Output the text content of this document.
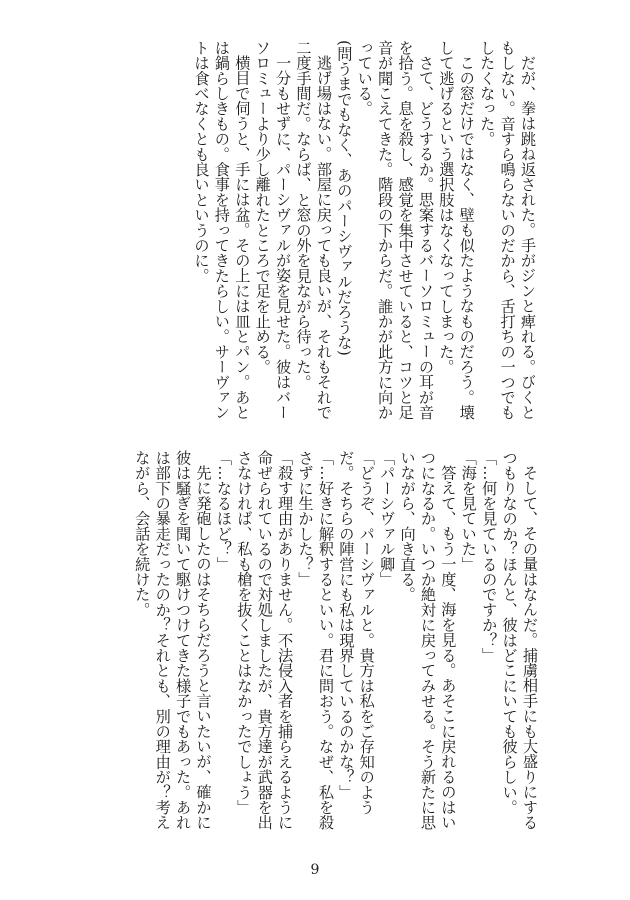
だが、拳は跳ね返された。手がジンと痺れる。びくともしない。音すら鳴らないのだから、舌打ちの一つでもしたくなった。

この窓だけではなく、壁も似たようなものだろう。壊して逃げるという選択肢はなくなってしまった。

さて、どうするか。思案するバーソロミューの耳が音を拾う。息を殺し、感覚を集中させていると、コツと足音が聞こえてきた。階段の下からだ。誰かが此方に向かっている。

(問うまでもなく、あのパーシヴァルだろうな)

逃げ場はない。部屋に戻っても良いが、それもそれで二度手間だ。ならば、と窓の外を見ながら待った。

一分もせずに、パーシヴァルが姿を見せた。彼はバーソロミューより少し離れたところで足を止める。

横目で伺うと、手には盆。その上には皿とパン。あとは鍋らしきもの。食事を持ってきたらしい。サーヴァントは食べなくとも良いというのに。

そして、その量はなんだ。捕虜相手にも大盛りにするつもりなのか？ほんと、彼はどこにいても彼らしい。

「…何を見ているのですか？」

「海を見ていた」

答えて、もう一度、海を見る。あそこに戻れるのはいつになるか。いつか絶対に戻ってみせる。そう新たに思いながら、向き直る。

「パーシヴァル卿」

「どうぞ、パーシヴァルと。貴方は私をご存知のようだ。そちらの陣営にも私は現界しているのかな？」

「…好きに解釈するといい。君に問おう。なぜ、私を殺さずに生かした？」

「殺す理由がありません。不法侵入者を捕らえるように命ぜられているので対処しましたが、貴方達が武器を出さなければ、私も槍を抜くことはなかったでしょう」

「…なるほど？」

先に発砲したのはそちらだろうと言いたいが、確かに彼は騒ぎを聞いて駆けつけてきた様子でもあった。あれは部下の暴走だったのか？それとも、別の理由が？考えながら、会話を続けた。

9
